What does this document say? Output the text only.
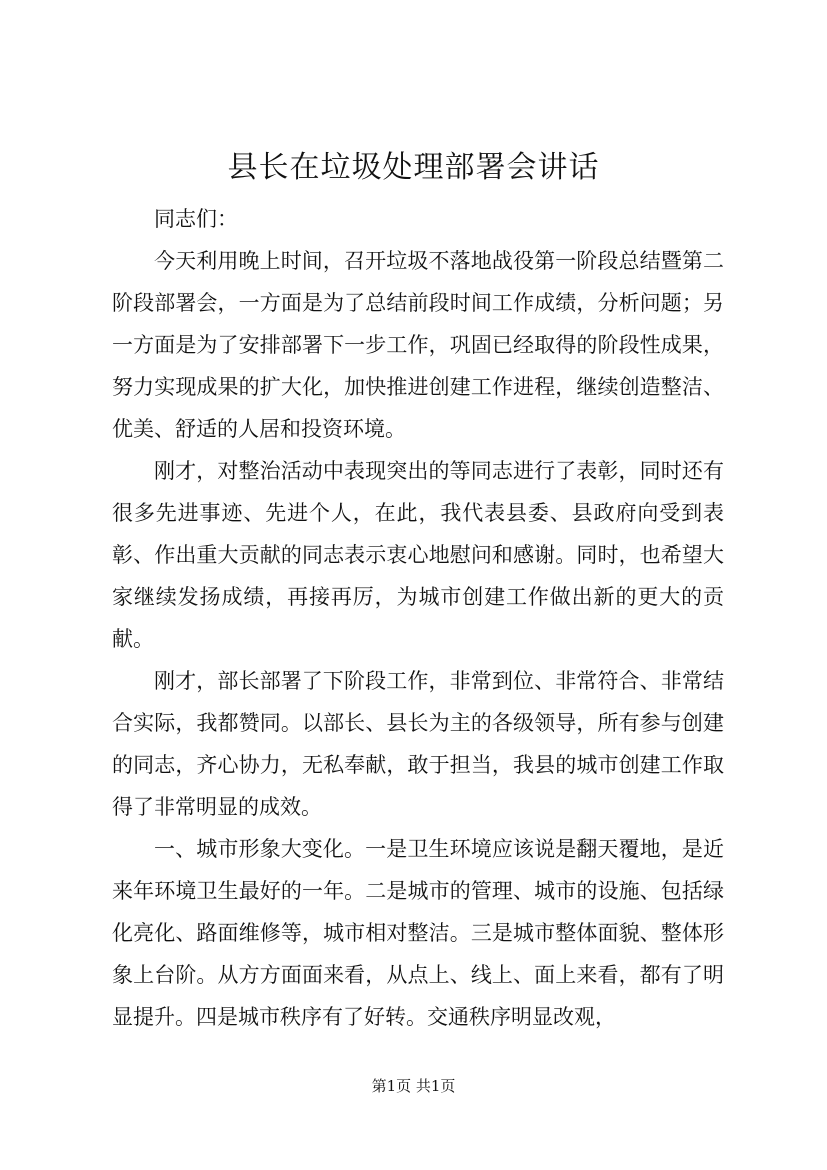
县长在垃圾处理部署会讲话

同志们：

今天利用晚上时间，召开垃圾不落地战役第一阶段总结暨第二阶段部署会，一方面是为了总结前段时间工作成绩，分析问题；另一方面是为了安排部署下一步工作，巩固已经取得的阶段性成果，努力实现成果的扩大化，加快推进创建工作进程，继续创造整洁、优美、舒适的人居和投资环境。

刚才，对整治活动中表现突出的等同志进行了表彰，同时还有很多先进事迹、先进个人，在此，我代表县委、县政府向受到表彰、作出重大贡献的同志表示衷心地慰问和感谢。同时，也希望大家继续发扬成绩，再接再厉，为城市创建工作做出新的更大的贡献。

刚才，部长部署了下阶段工作，非常到位、非常符合、非常结合实际，我都赞同。以部长、县长为主的各级领导，所有参与创建的同志，齐心协力，无私奉献，敢于担当，我县的城市创建工作取得了非常明显的成效。

一、城市形象大变化。一是卫生环境应该说是翻天覆地，是近来年环境卫生最好的一年。二是城市的管理、城市的设施、包括绿化亮化、路面维修等，城市相对整洁。三是城市整体面貌、整体形象上台阶。从方方面面来看，从点上、线上、面上来看，都有了明显提升。四是城市秩序有了好转。交通秩序明显改观，

第1页 共1页
